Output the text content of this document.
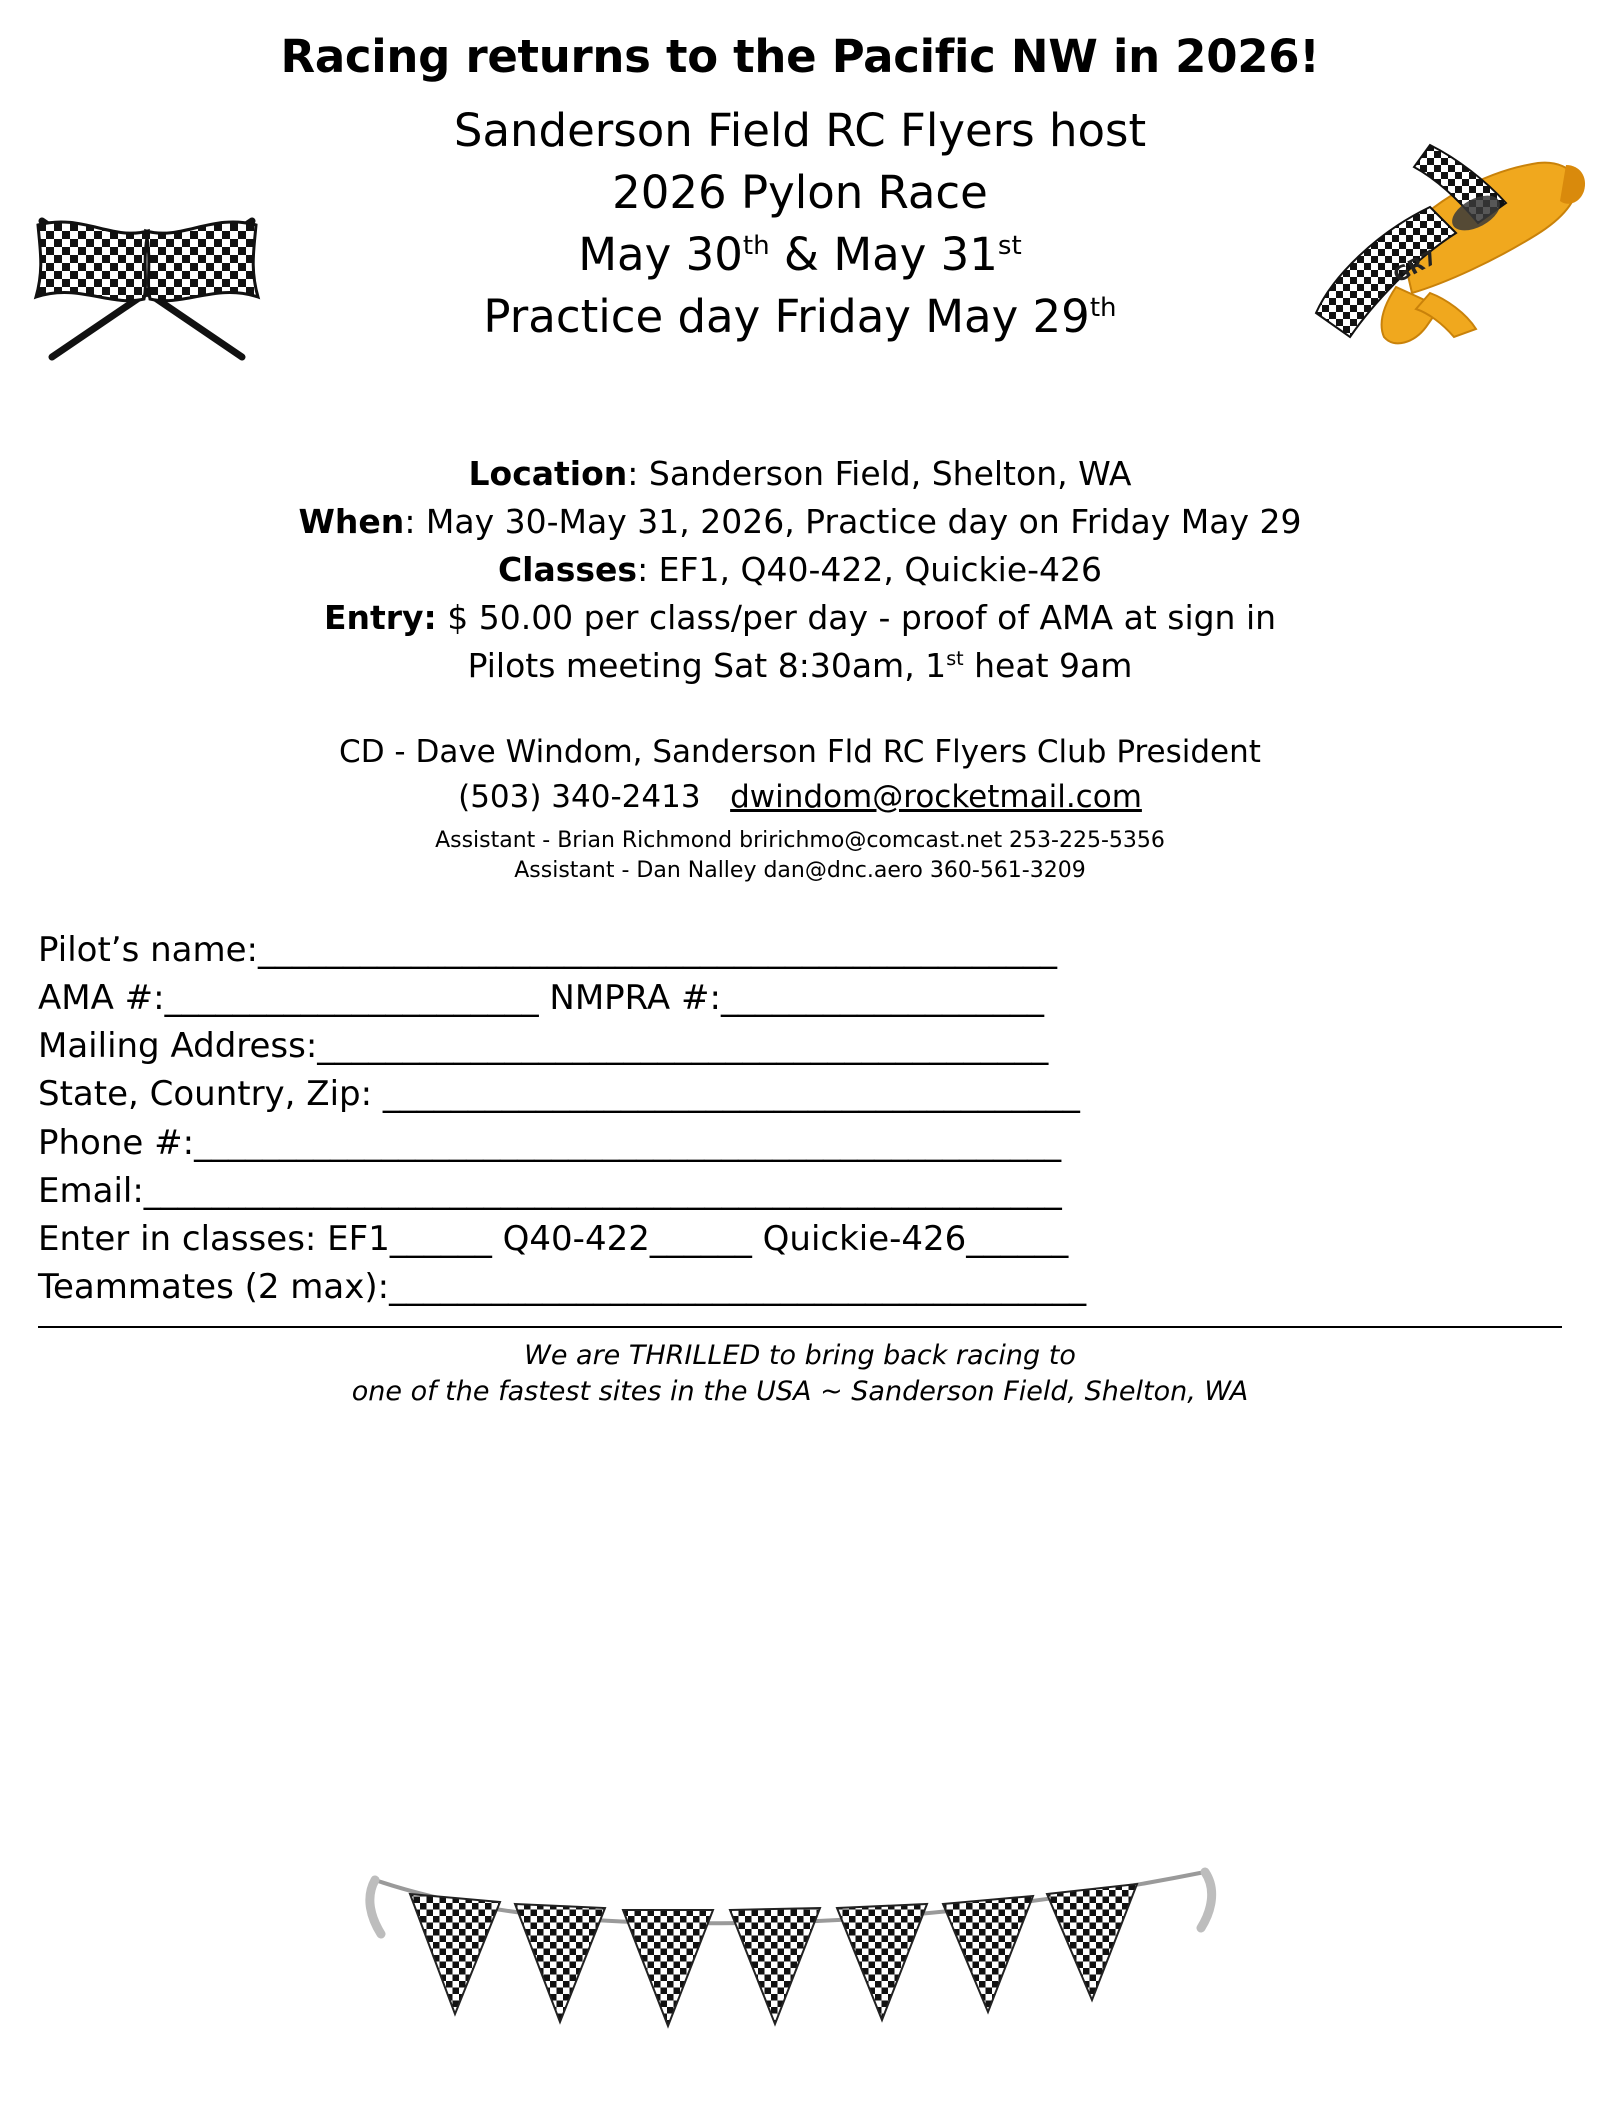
Racing returns to the Pacific NW in 2026!
GR7
Sanderson Field RC Flyers host
2026 Pylon Race
May 30th & May 31st
Practice day Friday May 29th
Location: Sanderson Field, Shelton, WA
When: May 30-May 31, 2026, Practice day on Friday May 29
Classes: EF1, Q40-422, Quickie-426
Entry: $ 50.00 per class/per day - proof of AMA at sign in
Pilots meeting Sat 8:30am, 1st heat 9am
CD - Dave Windom, Sanderson Fld RC Flyers Club President
(503) 340-2413 dwindom@rocketmail.com
Assistant - Brian Richmond bririchmo@comcast.net 253-225-5356
Assistant - Dan Nalley dan@dnc.aero 360-561-3209
Pilot’s name:_______________________________________________
AMA #:______________________ NMPRA #:___________________
Mailing Address:___________________________________________
State, Country, Zip: _________________________________________
Phone #:___________________________________________________
Email:______________________________________________________
Enter in classes: EF1______ Q40-422______ Quickie-426______
Teammates (2 max):_________________________________________
We are THRILLED to bring back racing to
one of the fastest sites in the USA ~ Sanderson Field, Shelton, WA
